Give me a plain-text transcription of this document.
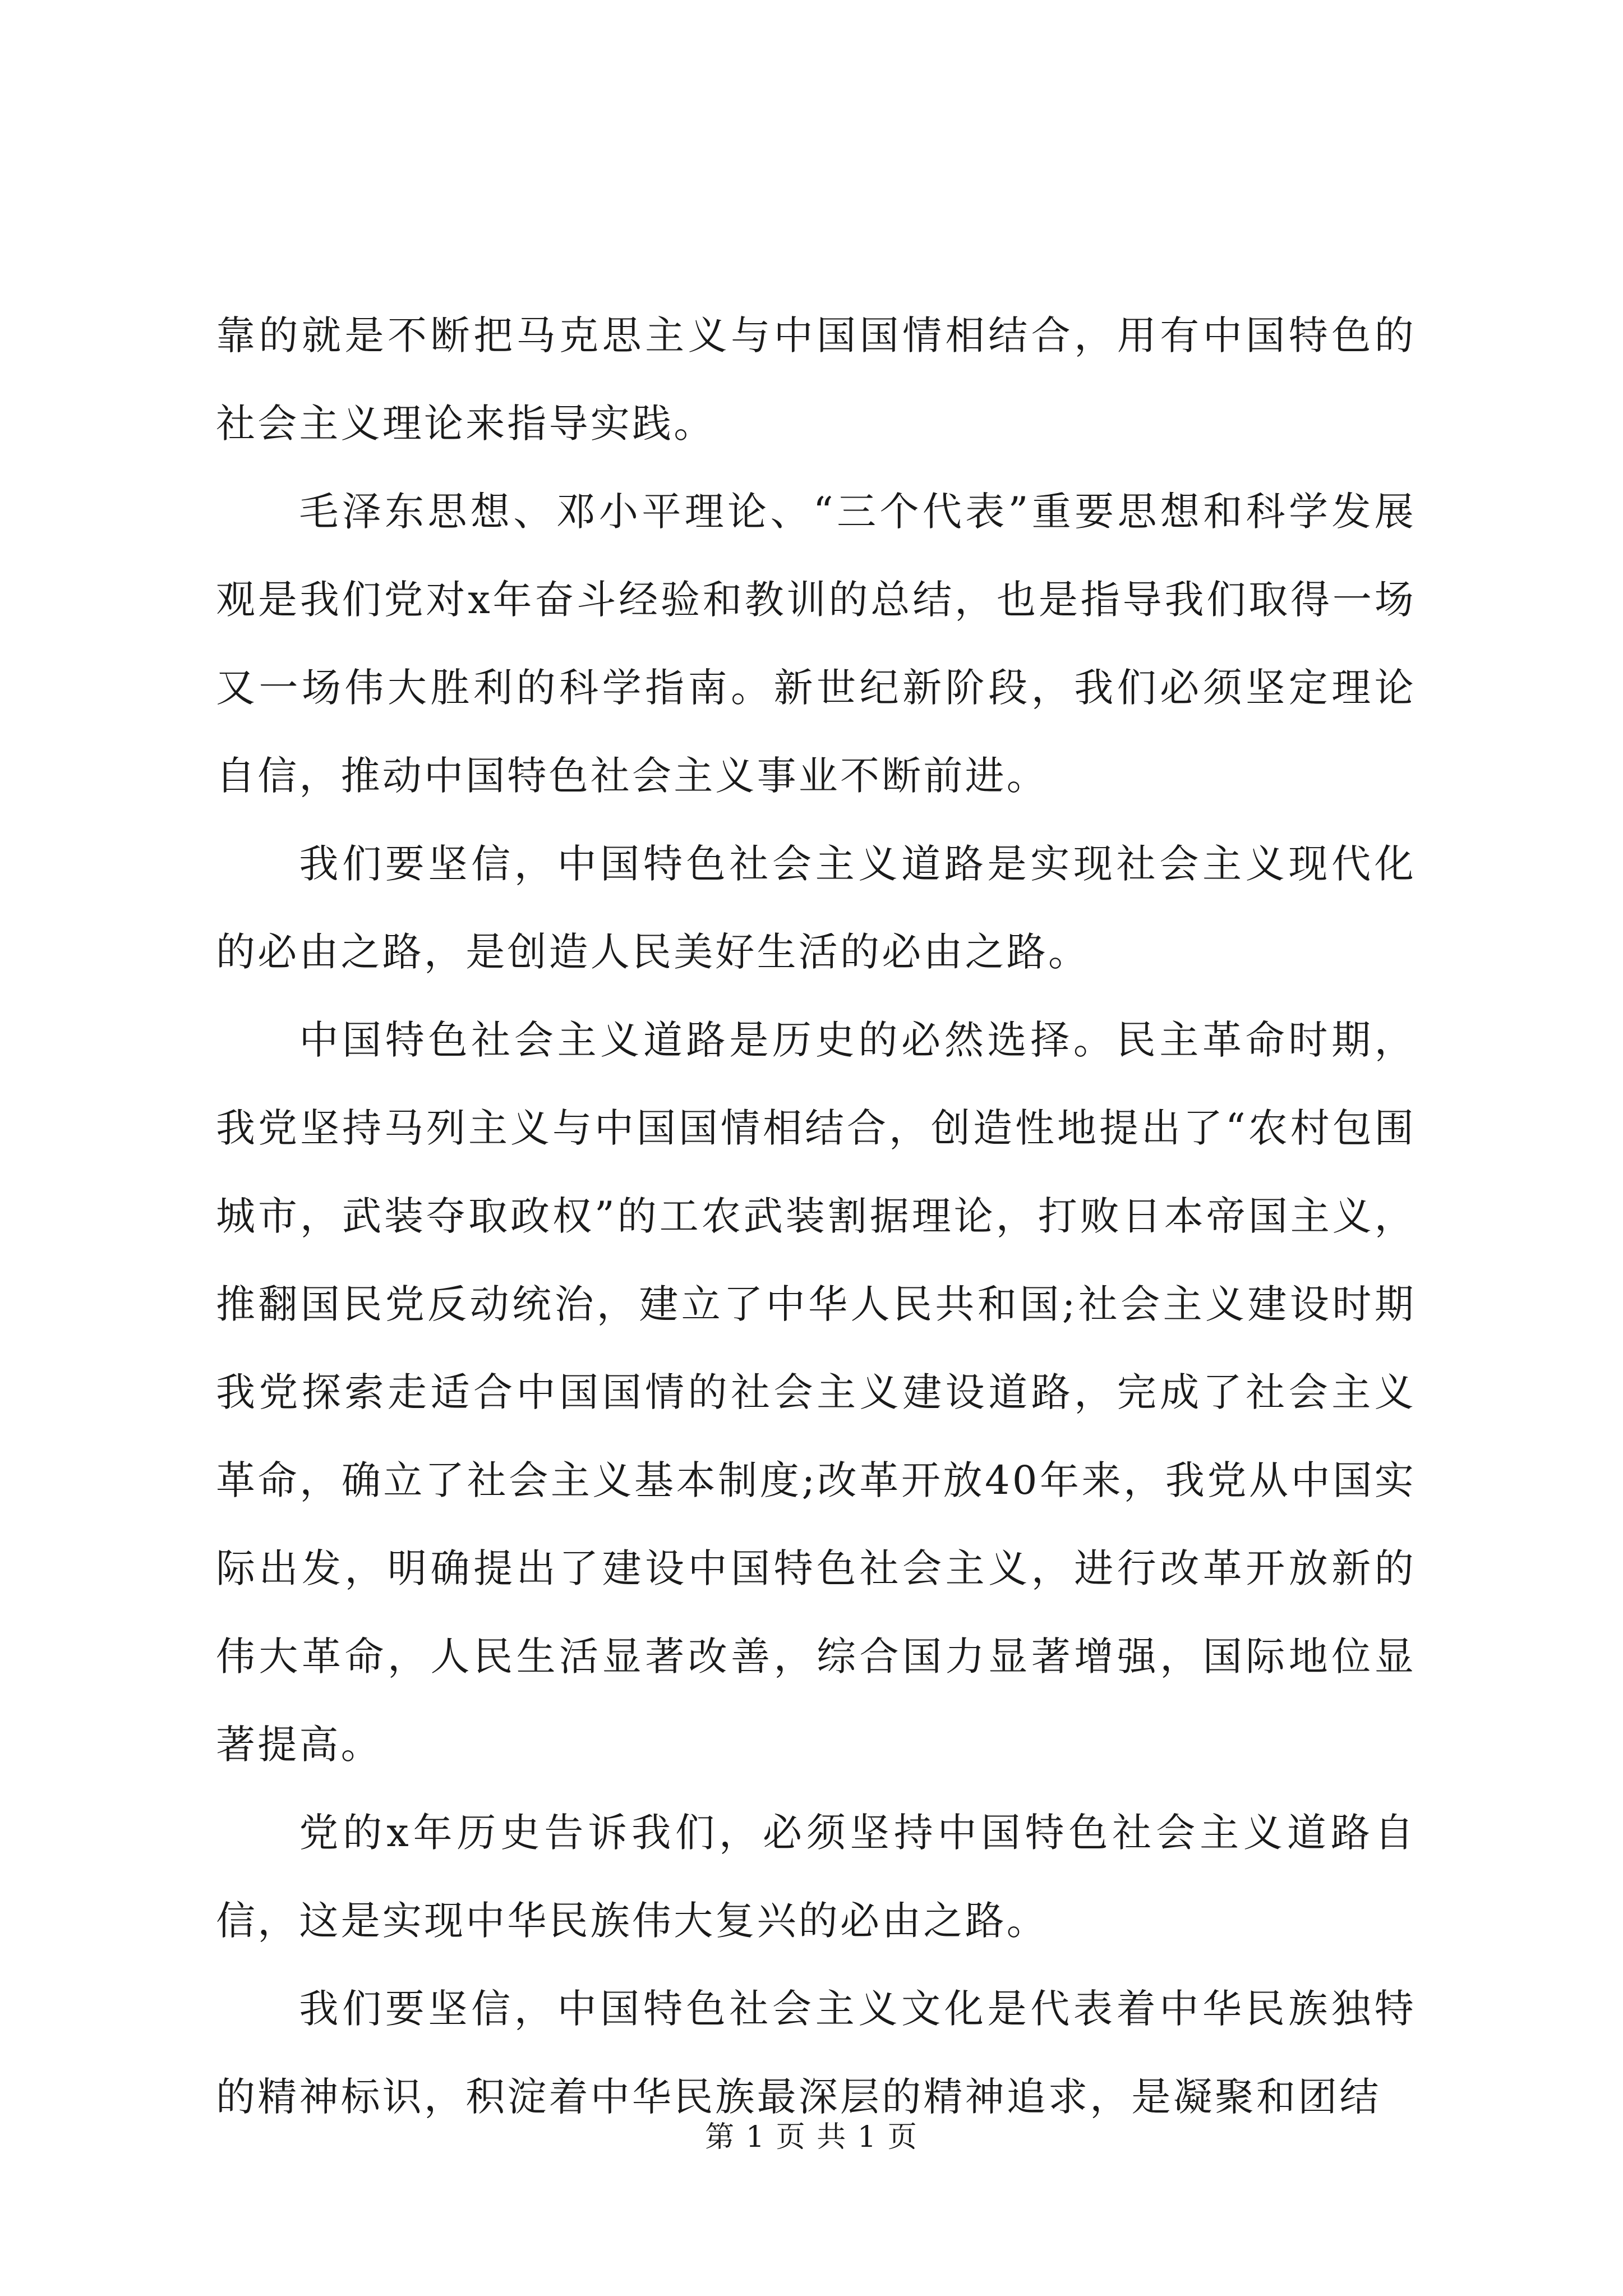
靠的就是不断把马克思主义与中国国情相结合，用有中国特色的社会主义理论来指导实践。

毛泽东思想、邓小平理论、“三个代表”重要思想和科学发展观是我们党对x年奋斗经验和教训的总结，也是指导我们取得一场又一场伟大胜利的科学指南。新世纪新阶段，我们必须坚定理论自信，推动中国特色社会主义事业不断前进。

我们要坚信，中国特色社会主义道路是实现社会主义现代化的必由之路，是创造人民美好生活的必由之路。

中国特色社会主义道路是历史的必然选择。民主革命时期，我党坚持马列主义与中国国情相结合，创造性地提出了“农村包围城市，武装夺取政权”的工农武装割据理论，打败日本帝国主义，推翻国民党反动统治，建立了中华人民共和国;社会主义建设时期我党探索走适合中国国情的社会主义建设道路，完成了社会主义革命，确立了社会主义基本制度;改革开放40年来，我党从中国实际出发，明确提出了建设中国特色社会主义，进行改革开放新的伟大革命，人民生活显著改善，综合国力显著增强，国际地位显著提高。

党的x年历史告诉我们，必须坚持中国特色社会主义道路自信，这是实现中华民族伟大复兴的必由之路。

我们要坚信，中国特色社会主义文化是代表着中华民族独特的精神标识，积淀着中华民族最深层的精神追求，是凝聚和团结

第 1 页 共 1 页
